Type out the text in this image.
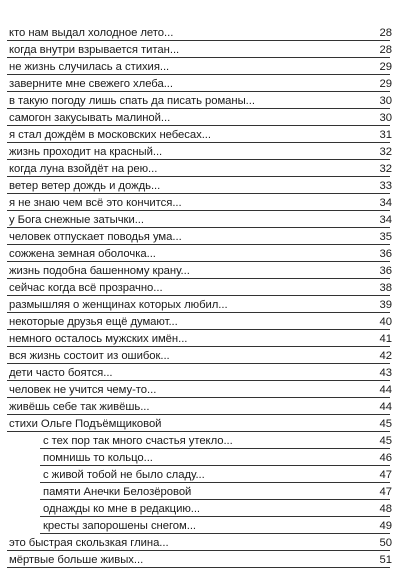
кто нам выдал холодное лето...	28
когда внутри взрывается титан...	28
не жизнь случилась а стихия...	29
заверните мне свежего хлеба...	29
в такую погоду лишь спать да писать романы...	30
самогон закусывать малиной...	30
я стал дождём в московских небесах...	31
жизнь проходит на красный...	32
когда луна взойдёт на рею...	32
ветер ветер дождь и дождь...	33
я не знаю чем всё это кончится...	34
у Бога снежные затычки...	34
человек отпускает поводья ума...	35
сожжена земная оболочка...	36
жизнь подобна башенному крану...	36
сейчас когда всё прозрачно...	38
размышляя о женщинах которых любил...	39
некоторые друзья ещё думают...	40
немного осталось мужских имён...	41
вся жизнь состоит из ошибок...	42
дети часто боятся...	43
человек не учится чему-то...	44
живёшь себе так живёшь...	44
стихи Ольге Подъёмщиковой	45
с тех пор так много счастья утекло...	45
помнишь то кольцо...	46
с живой тобой не было сладу...	47
памяти Анечки Белозёровой	47
однажды ко мне в редакцию...	48
кресты запорошены снегом...	49
это быстрая скользкая глина...	50
мёртвые больше живых...	51
